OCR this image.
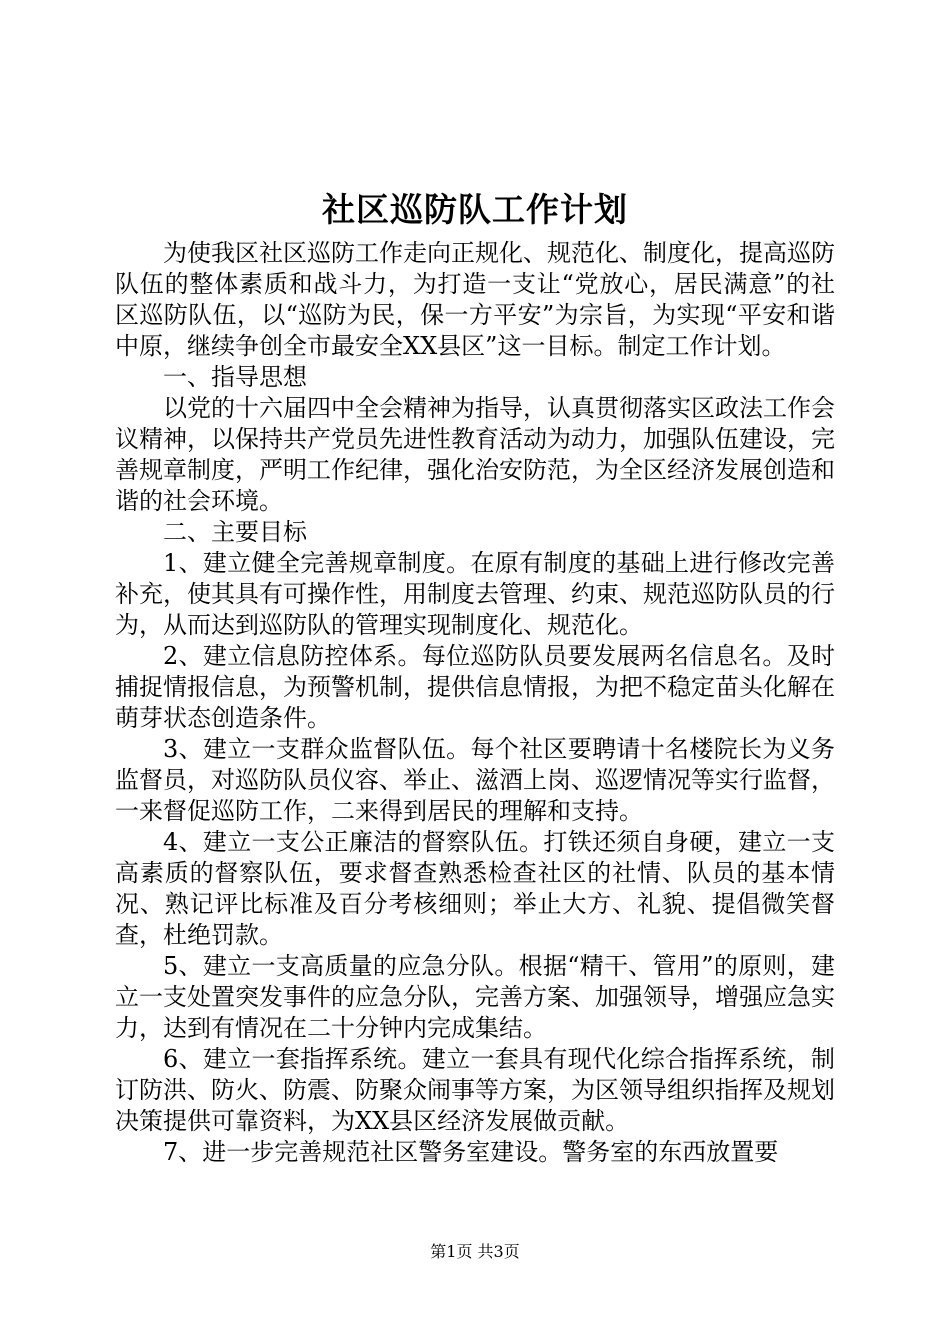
社区巡防队工作计划

为使我区社区巡防工作走向正规化、规范化、制度化，提高巡防队伍的整体素质和战斗力，为打造一支让“党放心，居民满意”的社区巡防队伍，以“巡防为民，保一方平安”为宗旨，为实现“平安和谐中原，继续争创全市最安全XX县区”这一目标。制定工作计划。

一、指导思想

以党的十六届四中全会精神为指导，认真贯彻落实区政法工作会议精神，以保持共产党员先进性教育活动为动力，加强队伍建设，完善规章制度，严明工作纪律，强化治安防范，为全区经济发展创造和谐的社会环境。

二、主要目标

1、建立健全完善规章制度。在原有制度的基础上进行修改完善补充，使其具有可操作性，用制度去管理、约束、规范巡防队员的行为，从而达到巡防队的管理实现制度化、规范化。

2、建立信息防控体系。每位巡防队员要发展两名信息名。及时捕捉情报信息，为预警机制，提供信息情报，为把不稳定苗头化解在萌芽状态创造条件。

3、建立一支群众监督队伍。每个社区要聘请十名楼院长为义务监督员，对巡防队员仪容、举止、滋酒上岗、巡逻情况等实行监督，一来督促巡防工作，二来得到居民的理解和支持。

4、建立一支公正廉洁的督察队伍。打铁还须自身硬，建立一支高素质的督察队伍，要求督查熟悉检查社区的社情、队员的基本情况、熟记评比标准及百分考核细则；举止大方、礼貌、提倡微笑督查，杜绝罚款。

5、建立一支高质量的应急分队。根据“精干、管用”的原则，建立一支处置突发事件的应急分队，完善方案、加强领导，增强应急实力，达到有情况在二十分钟内完成集结。

6、建立一套指挥系统。建立一套具有现代化综合指挥系统，制订防洪、防火、防震、防聚众闹事等方案，为区领导组织指挥及规划决策提供可靠资料，为XX县区经济发展做贡献。

7、进一步完善规范社区警务室建设。警务室的东西放置要

第1页 共3页
